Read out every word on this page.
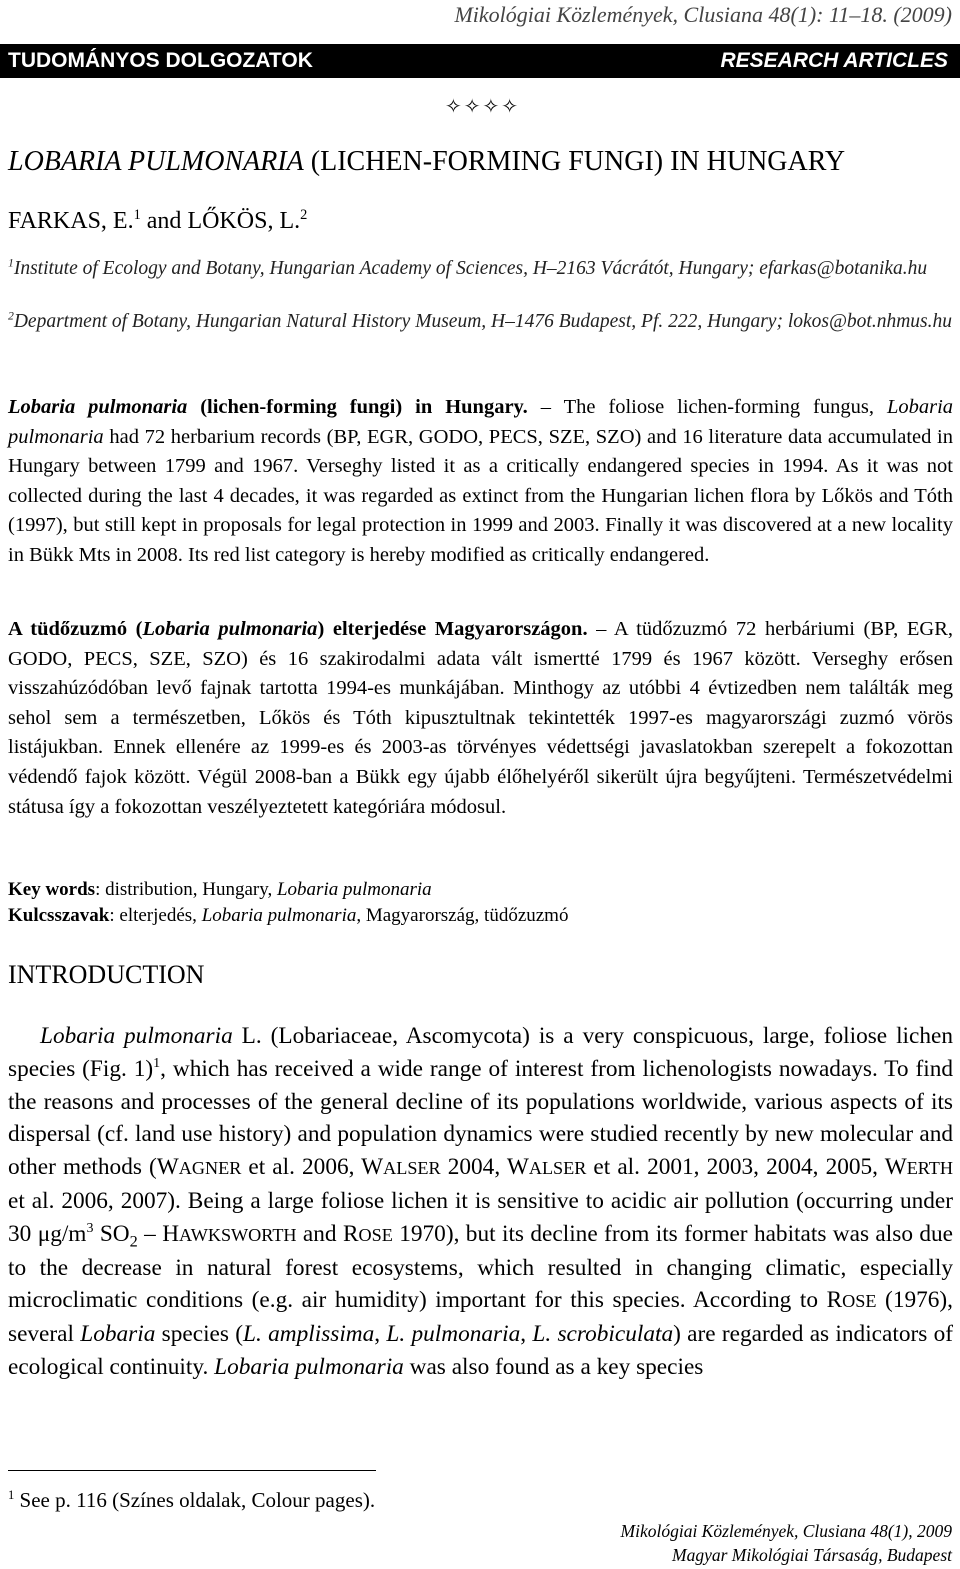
Mikológiai Közlemények, Clusiana 48(1): 11–18. (2009)
TUDOMÁNYOS DOLGOZATOK	RESEARCH ARTICLES
✧✧✧✧
LOBARIA PULMONARIA (LICHEN-FORMING FUNGI) IN HUNGARY
FARKAS, E.$^1$ and LŐKÖS, L.$^2$
$^1$Institute of Ecology and Botany, Hungarian Academy of Sciences, H–2163 Vácrátót, Hungary; efarkas@botanika.hu
$^2$Department of Botany, Hungarian Natural History Museum, H–1476 Budapest, Pf. 222, Hungary; lokos@bot.nhmus.hu
Lobaria pulmonaria (lichen-forming fungi) in Hungary. – The foliose lichen-forming fungus, Lobaria pulmonaria had 72 herbarium records (BP, EGR, GODO, PECS, SZE, SZO) and 16 literature data accumulated in Hungary between 1799 and 1967. Verseghy listed it as a critically endangered species in 1994. As it was not collected during the last 4 decades, it was regarded as extinct from the Hungarian lichen flora by Lőkös and Tóth (1997), but still kept in proposals for legal protection in 1999 and 2003. Finally it was discovered at a new locality in Bükk Mts in 2008. Its red list category is hereby modified as critically endangered.
A tüdőzuzmó (Lobaria pulmonaria) elterjedése Magyarországon. – A tüdőzuzmó 72 herbáriumi (BP, EGR, GODO, PECS, SZE, SZO) és 16 szakirodalmi adata vált ismertté 1799 és 1967 között. Verseghy erősen visszahúzódóban levő fajnak tartotta 1994-es munkájában. Minthogy az utóbbi 4 évtizedben nem találták meg sehol sem a természetben, Lőkös és Tóth kipusztultnak tekintették 1997-es magyarországi zuzmó vörös listájukban. Ennek ellenére az 1999-es és 2003-as törvényes védettségi javaslatokban szerepelt a fokozottan védendő fajok között. Végül 2008-ban a Bükk egy újabb élőhelyéről sikerült újra begyűjteni. Természetvédelmi státusa így a fokozottan veszélyeztetett kategóriára módosul.
Key words: distribution, Hungary, Lobaria pulmonaria
Kulcsszavak: elterjedés, Lobaria pulmonaria, Magyarország, tüdőzuzmó
INTRODUCTION
Lobaria pulmonaria L. (Lobariaceae, Ascomycota) is a very conspicuous, large, foliose lichen species (Fig. 1)$^1$, which has received a wide range of interest from lichenologists nowadays. To find the reasons and processes of the general decline of its populations worldwide, various aspects of its dispersal (cf. land use history) and population dynamics were studied recently by new molecular and other methods (WAGNER et al. 2006, WALSER 2004, WALSER et al. 2001, 2003, 2004, 2005, WERTH et al. 2006, 2007). Being a large foliose lichen it is sensitive to acidic air pollution (occurring under 30 $\mu g/m^3$ $SO_2$ – HAWKSWORTH and ROSE 1970), but its decline from its former habitats was also due to the decrease in natural forest ecosystems, which resulted in changing climatic, especially microclimatic conditions (e.g. air humidity) important for this species. According to ROSE (1976), several Lobaria species (L. amplissima, L. pulmonaria, L. scrobiculata) are regarded as indicators of ecological continuity. Lobaria pulmonaria was also found as a key species
$^1$ See p. 116 (Színes oldalak, Colour pages).
Mikológiai Közlemények, Clusiana 48(1), 2009
Magyar Mikológiai Társaság, Budapest
